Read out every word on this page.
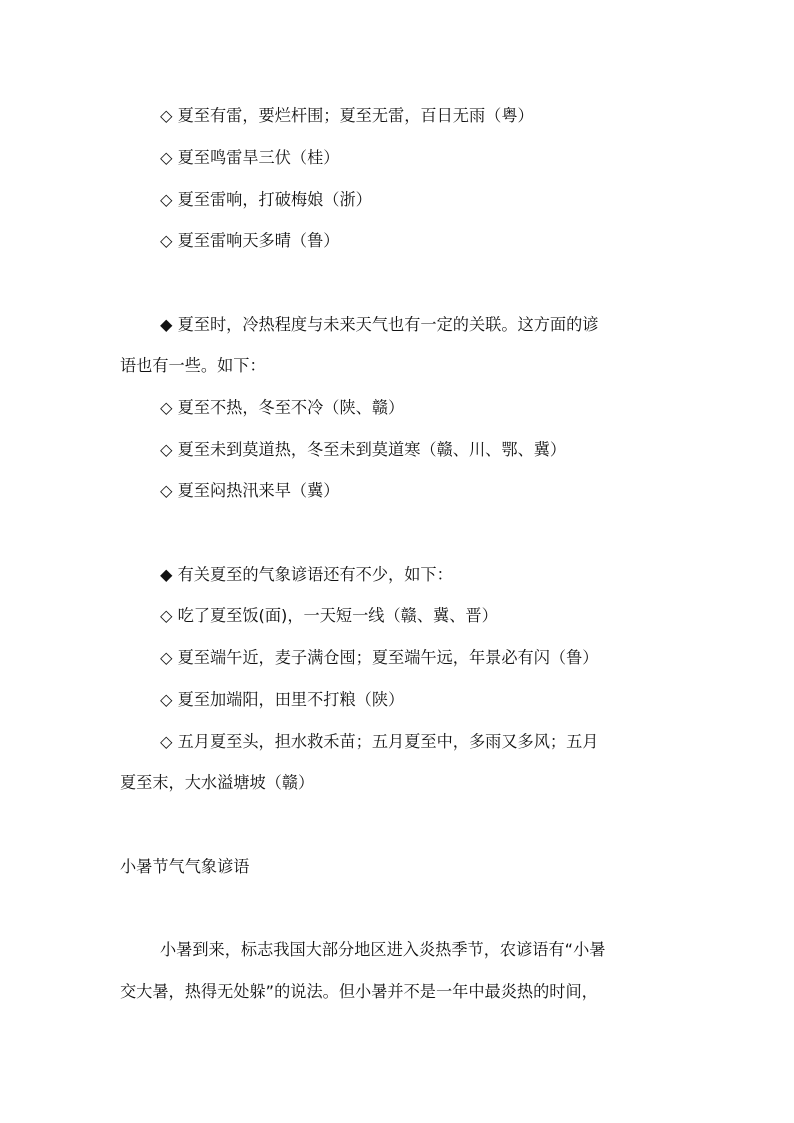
◇ 夏至有雷，要烂杆围；夏至无雷，百日无雨（粤）
◇ 夏至鸣雷旱三伏（桂）
◇ 夏至雷响，打破梅娘（浙）
◇ 夏至雷响天多晴（鲁）
◆ 夏至时，冷热程度与未来天气也有一定的关联。这方面的谚
语也有一些。如下：
◇ 夏至不热，冬至不冷（陕、赣）
◇ 夏至未到莫道热，冬至未到莫道寒（赣、川、鄂、冀）
◇ 夏至闷热汛来早（冀）
◆ 有关夏至的气象谚语还有不少，如下：
◇ 吃了夏至饭(面)，一天短一线（赣、冀、晋）
◇ 夏至端午近，麦子满仓囤；夏至端午远，年景必有闪（鲁）
◇ 夏至加端阳，田里不打粮（陕）
◇ 五月夏至头，担水救禾苗；五月夏至中，多雨又多风；五月
夏至末，大水溢塘坡（赣）
小暑节气气象谚语
小暑到来，标志我国大部分地区进入炎热季节，农谚语有“小暑
交大暑，热得无处躲”的说法。但小暑并不是一年中最炎热的时间，
